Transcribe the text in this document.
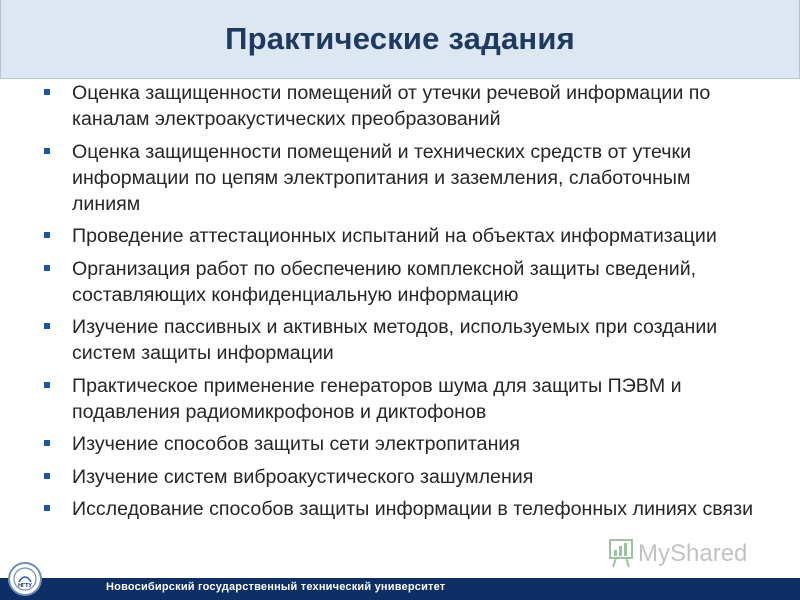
Практические задания
Оценка защищенности помещений от утечки речевой информации по каналам электроакустических преобразований
Оценка защищенности помещений и технических средств от утечки информации по цепям электропитания и заземления, слаботочным линиям
Проведение аттестационных испытаний на объектах информатизации
Организация работ по обеспечению комплексной защиты сведений, составляющих конфиденциальную информацию
Изучение пассивных и активных методов, используемых при создании систем защиты информации
Практическое применение генераторов шума для защиты ПЭВМ и подавления радиомикрофонов и диктофонов
Изучение способов защиты сети электропитания
Изучение систем виброакустического зашумления
Исследование способов защиты информации в телефонных линиях связи
MyShared
Новосибирский государственный технический университет
НГТУ
